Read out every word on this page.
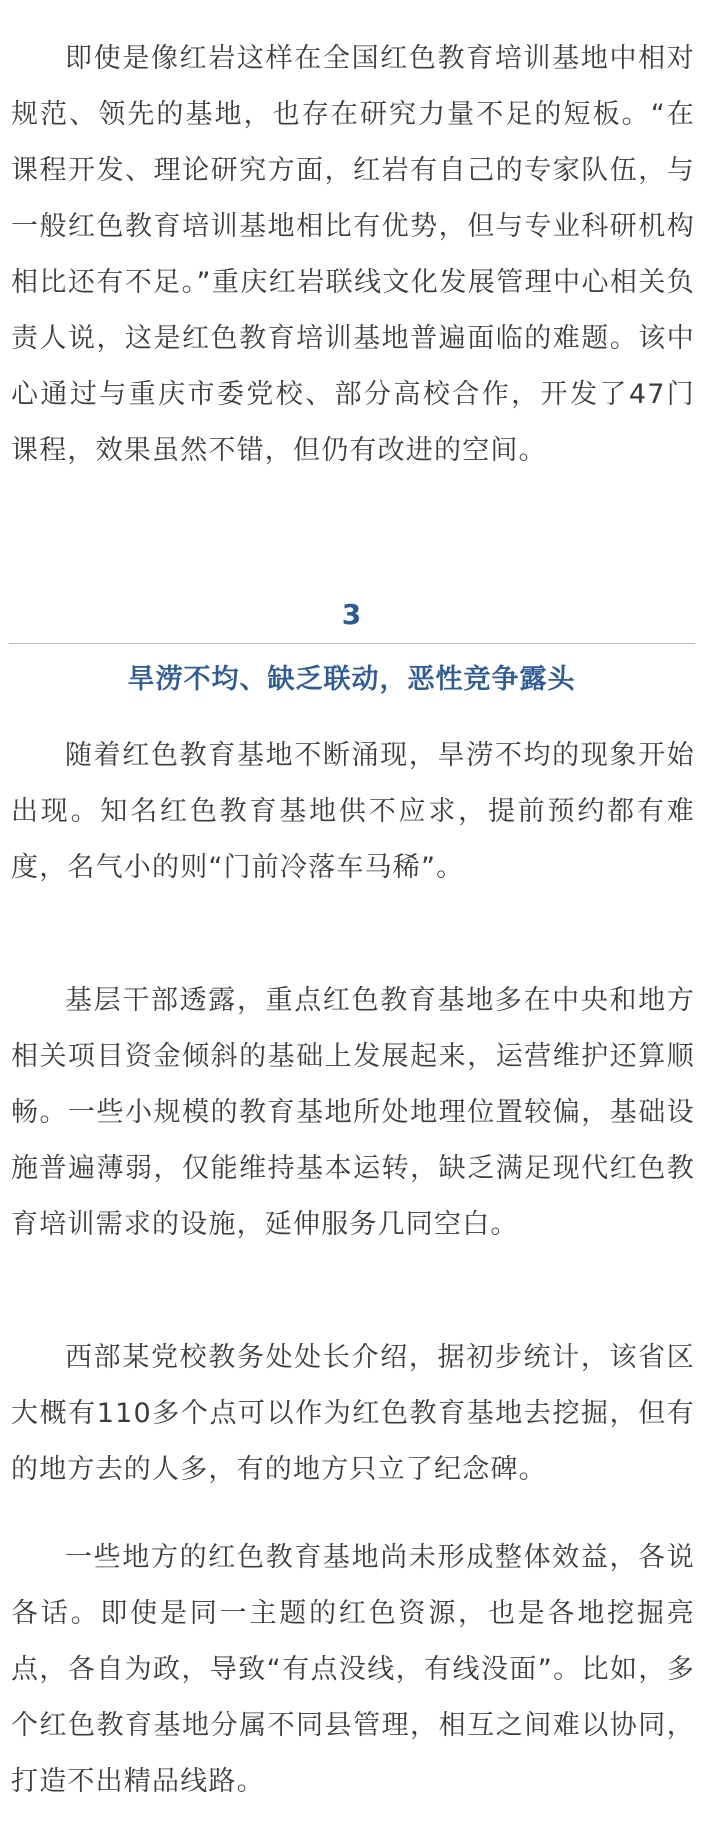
即使是像红岩这样在全国红色教育培训基地中相对规范、领先的基地，也存在研究力量不足的短板。“在课程开发、理论研究方面，红岩有自己的专家队伍，与一般红色教育培训基地相比有优势，但与专业科研机构相比还有不足。”重庆红岩联线文化发展管理中心相关负责人说，这是红色教育培训基地普遍面临的难题。该中心通过与重庆市委党校、部分高校合作，开发了47门课程，效果虽然不错，但仍有改进的空间。

3
旱涝不均、缺乏联动，恶性竞争露头

随着红色教育基地不断涌现，旱涝不均的现象开始出现。知名红色教育基地供不应求，提前预约都有难度，名气小的则“门前冷落车马稀”。

基层干部透露，重点红色教育基地多在中央和地方相关项目资金倾斜的基础上发展起来，运营维护还算顺畅。一些小规模的教育基地所处地理位置较偏，基础设施普遍薄弱，仅能维持基本运转，缺乏满足现代红色教育培训需求的设施，延伸服务几同空白。

西部某党校教务处处长介绍，据初步统计，该省区大概有110多个点可以作为红色教育基地去挖掘，但有的地方去的人多，有的地方只立了纪念碑。

一些地方的红色教育基地尚未形成整体效益，各说各话。即使是同一主题的红色资源，也是各地挖掘亮点，各自为政，导致“有点没线，有线没面”。比如，多个红色教育基地分属不同县管理，相互之间难以协同，打造不出精品线路。
